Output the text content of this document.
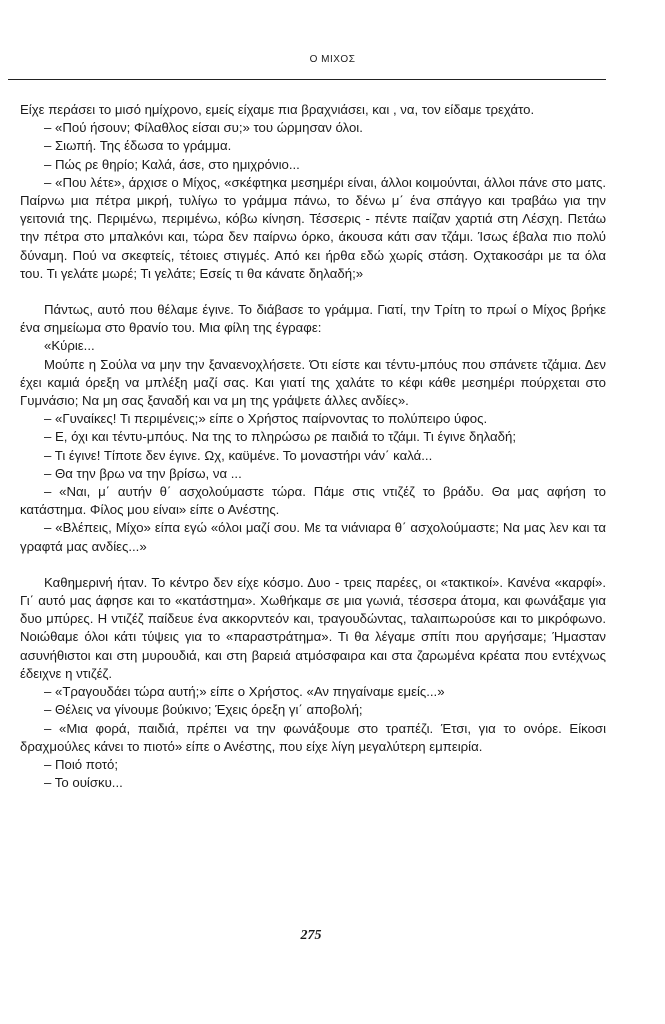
Ο ΜΙΧΟΣ

Είχε περάσει το μισό ημίχρονο, εμείς είχαμε πια βραχνιάσει, και , να, τον είδαμε τρεχάτο.

– «Πού ήσουν; Φίλαθλος είσαι συ;» του ώρμησαν όλοι.

– Σιωπή. Της έδωσα το γράμμα.

– Πώς ρε θηρίο; Καλά, άσε, στο ημιχρόνιο...

– «Που λέτε», άρχισε ο Μίχος, «σκέφτηκα μεσημέρι είναι, άλλοι κοιμούνται, άλλοι πάνε στο ματς. Παίρνω μια πέτρα μικρή, τυλίγω το γράμμα πάνω, το δένω μ΄ ένα σπάγγο και τραβάω για την γειτονιά της. Περιμένω, περιμένω, κόβω κίνηση. Τέσσερις - πέντε παίζαν χαρτιά στη Λέσχη. Πετάω την πέτρα στο μπαλκόνι και, τώρα δεν παίρνω όρκο, άκουσα κάτι σαν τζάμι. Ίσως έβαλα πιο πολύ δύναμη. Πού να σκεφτείς, τέτοιες στιγμές. Από κει ήρθα εδώ χωρίς στάση. Οχτακοσάρι με τα όλα του. Τι γελάτε μωρέ; Τι γελάτε; Εσείς τι θα κάνατε δηλαδή;»

Πάντως, αυτό που θέλαμε έγινε. Το διάβασε το γράμμα. Γιατί, την Τρίτη το πρωί ο Μίχος βρήκε ένα σημείωμα στο θρανίο του. Μια φίλη της έγραφε:

«Κύριε...

Μούπε η Σούλα να μην την ξαναενοχλήσετε. Ότι είστε και τέντυ-μπόυς που σπάνετε τζάμια. Δεν έχει καμιά όρεξη να μπλέξη μαζί σας. Και γιατί της χαλάτε το κέφι κάθε μεσημέρι πούρχεται στο Γυμνάσιο; Να μη σας ξαναδή και να μη της γράψετε άλλες ανδίες».

– «Γυναίκες! Τι περιμένεις;» είπε ο Χρήστος παίρνοντας το πολύπειρο ύφος.

– Ε, όχι και τέντυ-μπόυς. Να της το πληρώσω ρε παιδιά το τζάμι. Τι έγινε δηλαδή;

– Τι έγινε! Τίποτε δεν έγινε. Ωχ, καϋμένε. Το μοναστήρι νάν΄ καλά...

– Θα την βρω να την βρίσω, να ...

– «Ναι, μ΄ αυτήν θ΄ ασχολούμαστε τώρα. Πάμε στις ντιζέζ το βράδυ. Θα μας αφήση το κατάστημα. Φίλος μου είναι» είπε ο Ανέστης.

– «Βλέπεις, Μίχο» είπα εγώ «όλοι μαζί σου. Με τα νιάνιαρα θ΄ ασχολούμαστε; Να μας λεν και τα γραφτά μας ανδίες...»

Καθημερινή ήταν. Το κέντρο δεν είχε κόσμο. Δυο - τρεις παρέες, οι «τακτικοί». Κανένα «καρφί». Γι΄ αυτό μας άφησε και το «κατάστημα». Χωθήκαμε σε μια γωνιά, τέσσερα άτομα, και φωνάξαμε για δυο μπύρες. Η ντιζέζ παίδευε ένα ακκορντεόν και, τραγουδώντας, ταλαιπωρούσε και το μικρόφωνο. Νοιώθαμε όλοι κάτι τύψεις για το «παραστράτημα». Τι θα λέγαμε σπίτι που αργήσαμε; Ήμασταν ασυνήθιστοι και στη μυρουδιά, και στη βαρειά ατμόσφαιρα και στα ζαρωμένα κρέατα που εντέχνως έδειχνε η ντιζέζ.

– «Τραγουδάει τώρα αυτή;» είπε ο Χρήστος. «Αν πηγαίναμε εμείς...»

– Θέλεις να γίνουμε βούκινο; Έχεις όρεξη γι΄ αποβολή;

– «Μια φορά, παιδιά, πρέπει να την φωνάξουμε στο τραπέζι. Έτσι, για το ονόρε. Είκοσι δραχμούλες κάνει το πιοτό» είπε ο Ανέστης, που είχε λίγη μεγαλύτερη εμπειρία.

– Ποιό ποτό;

– Το ουίσκυ...

275
